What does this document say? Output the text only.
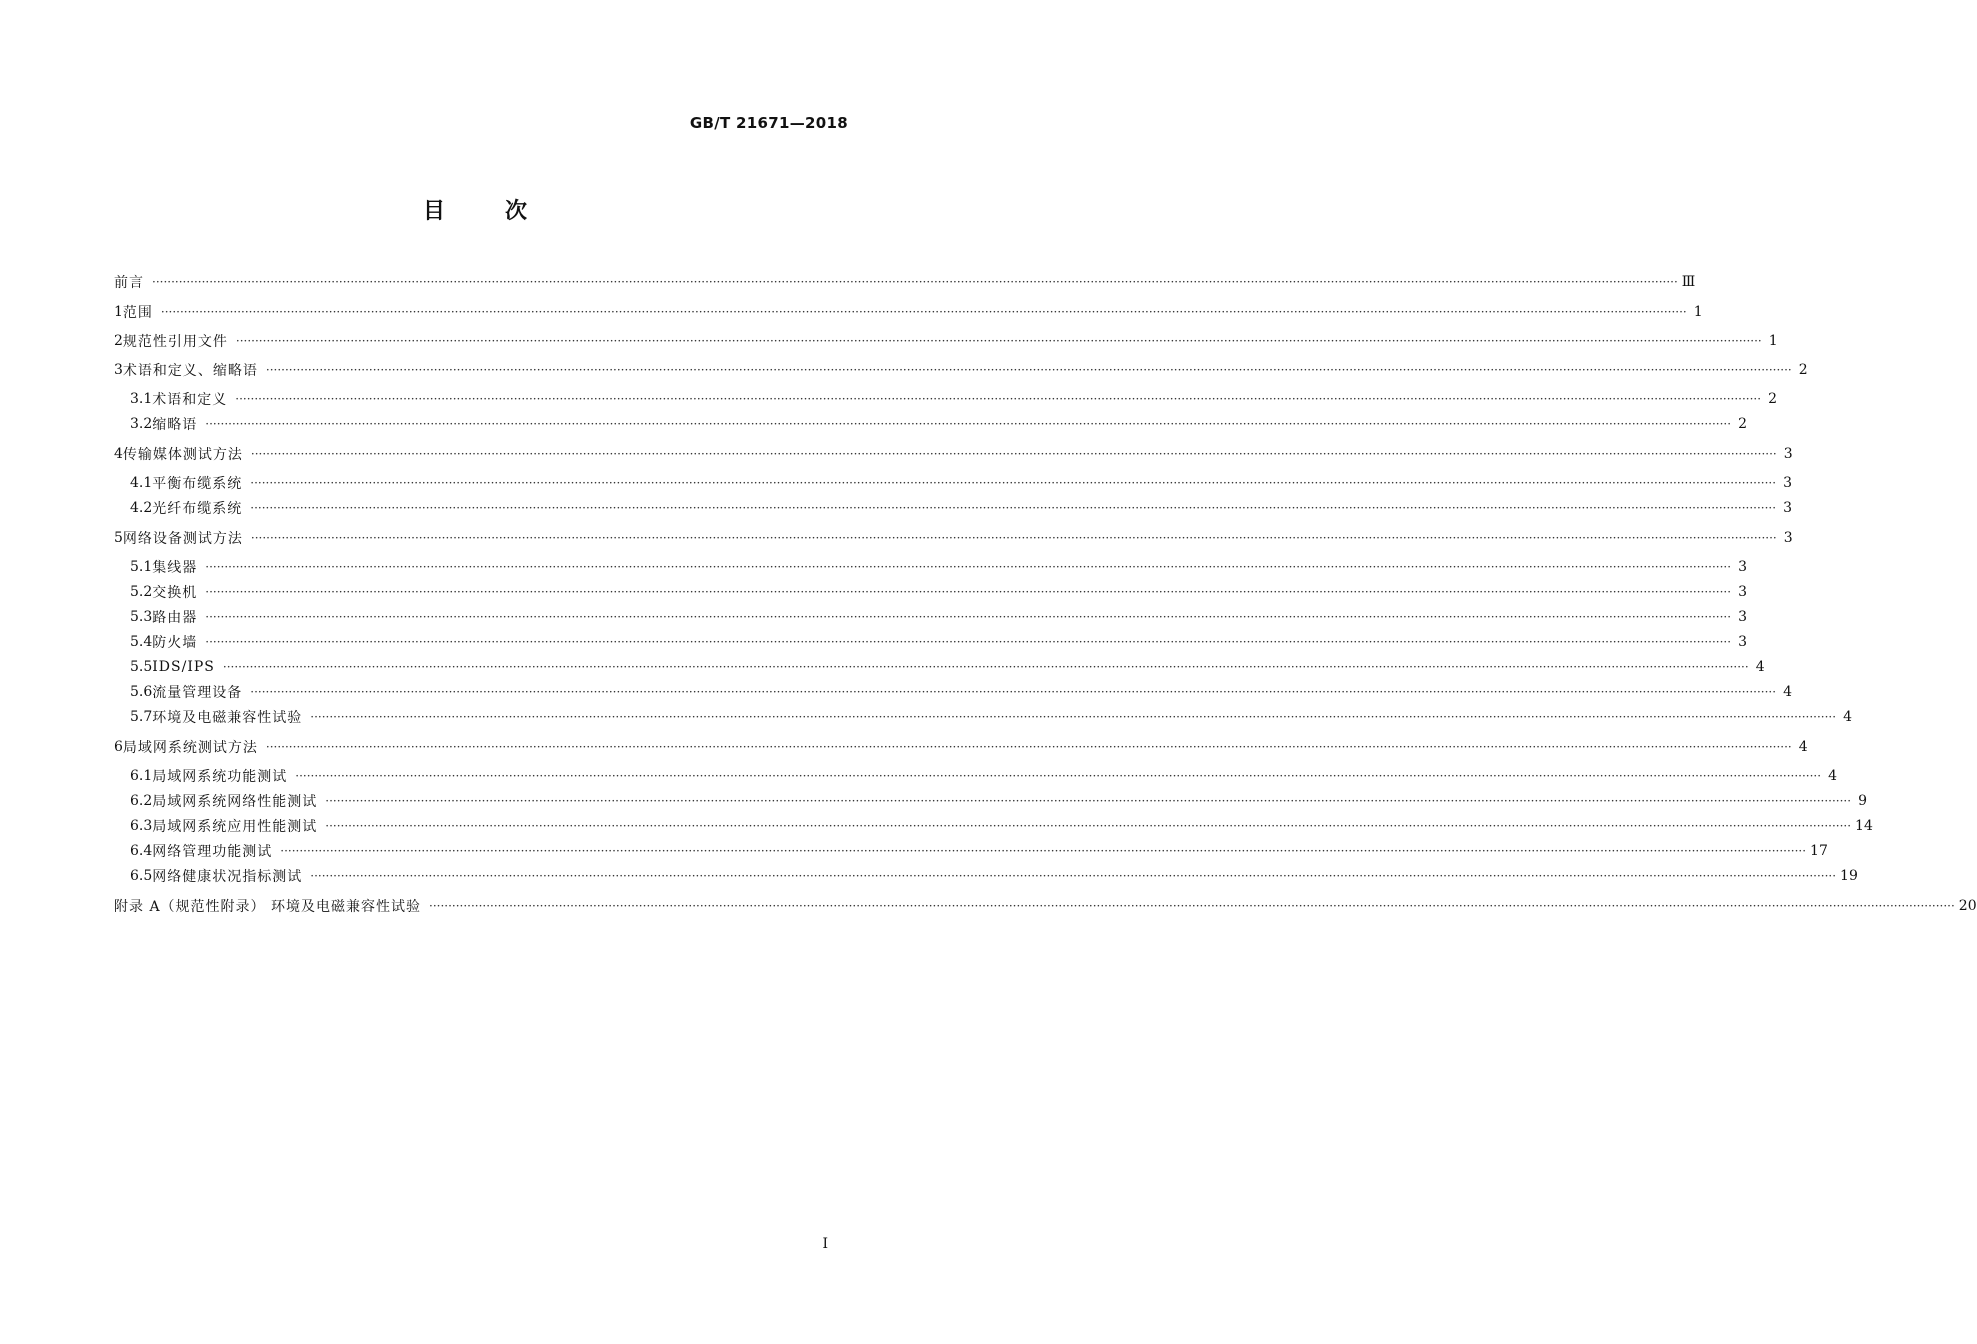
GB/T 21671—2018
目次
前言 ················································································································································································································································································································································································································ Ⅲ
1 范围 ················································································································································································································································································································································································································ 1
2 规范性引用文件 ················································································································································································································································································································································································································ 1
3 术语和定义、缩略语 ················································································································································································································································································································································································································ 2
3.1 术语和定义 ················································································································································································································································································································································································································ 2
3.2 缩略语 ················································································································································································································································································································································································································ 2
4 传输媒体测试方法 ················································································································································································································································································································································································································ 3
4.1 平衡布缆系统 ················································································································································································································································································································································································································ 3
4.2 光纤布缆系统 ················································································································································································································································································································································································································ 3
5 网络设备测试方法 ················································································································································································································································································································································································································ 3
5.1 集线器 ················································································································································································································································································································································································································ 3
5.2 交换机 ················································································································································································································································································································································································································ 3
5.3 路由器 ················································································································································································································································································································································································································ 3
5.4 防火墙 ················································································································································································································································································································································································································ 3
5.5 IDS/IPS ················································································································································································································································································································································································································ 4
5.6 流量管理设备 ················································································································································································································································································································································································································ 4
5.7 环境及电磁兼容性试验 ················································································································································································································································································································································································································ 4
6 局域网系统测试方法 ················································································································································································································································································································································································································ 4
6.1 局域网系统功能测试 ················································································································································································································································································································································································································ 4
6.2 局域网系统网络性能测试 ················································································································································································································································································································································································································ 9
6.3 局域网系统应用性能测试 ················································································································································································································································································································································································································ 14
6.4 网络管理功能测试 ················································································································································································································································································································································································································ 17
6.5 网络健康状况指标测试 ················································································································································································································································································································································································································ 19
附录 A（规范性附录） 环境及电磁兼容性试验 ················································································································································································································································································································································································································ 20
I
